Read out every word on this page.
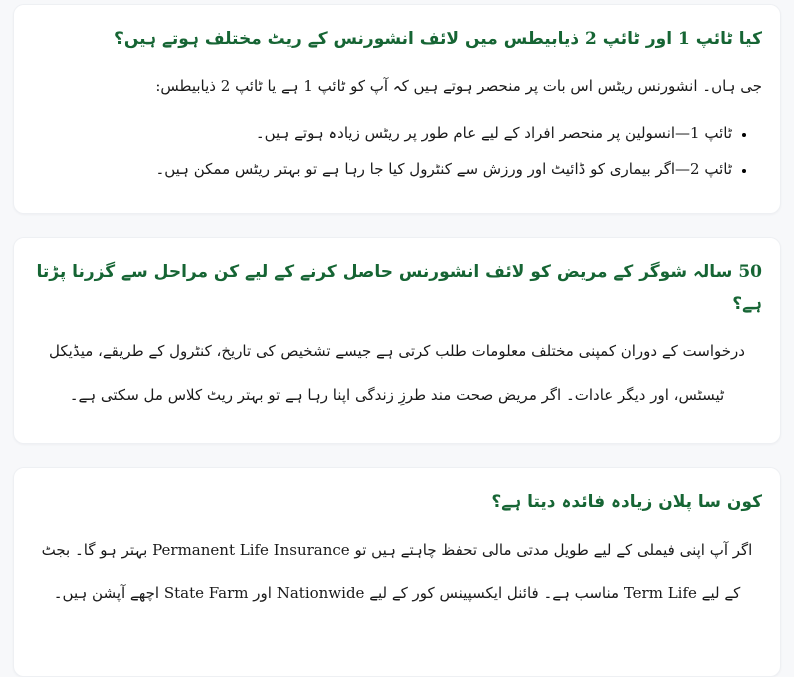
کیا ٹائپ 1 اور ٹائپ 2 ذیابیطس میں لائف انشورنس کے ریٹ مختلف ہوتے ہیں؟

جی ہاں۔ انشورنس ریٹس اس بات پر منحصر ہوتے ہیں کہ آپ کو ٹائپ 1 ہے یا ٹائپ 2 ذیابیطس:

• ٹائپ 1—انسولین پر منحصر افراد کے لیے عام طور پر ریٹس زیادہ ہوتے ہیں۔
• ٹائپ 2—اگر بیماری کو ڈائیٹ اور ورزش سے کنٹرول کیا جا رہا ہے تو بہتر ریٹس ممکن ہیں۔
50 سالہ شوگر کے مریض کو لائف انشورنس حاصل کرنے کے لیے کن مراحل سے گزرنا پڑتا ہے؟

درخواست کے دوران کمپنی مختلف معلومات طلب کرتی ہے جیسے تشخیص کی تاریخ، کنٹرول کے طریقے، میڈیکل ٹیسٹس، اور دیگر عادات۔ اگر مریض صحت مند طرزِ زندگی اپنا رہا ہے تو بہتر ریٹ کلاس مل سکتی ہے۔

کون سا پلان زیادہ فائدہ دیتا ہے؟

اگر آپ اپنی فیملی کے لیے طویل مدتی مالی تحفظ چاہتے ہیں تو Permanent Life Insurance بہتر ہو گا۔ بجٹ کے لیے Term Life مناسب ہے۔ فائنل ایکسپینس کور کے لیے Nationwide اور State Farm اچھے آپشن ہیں۔
